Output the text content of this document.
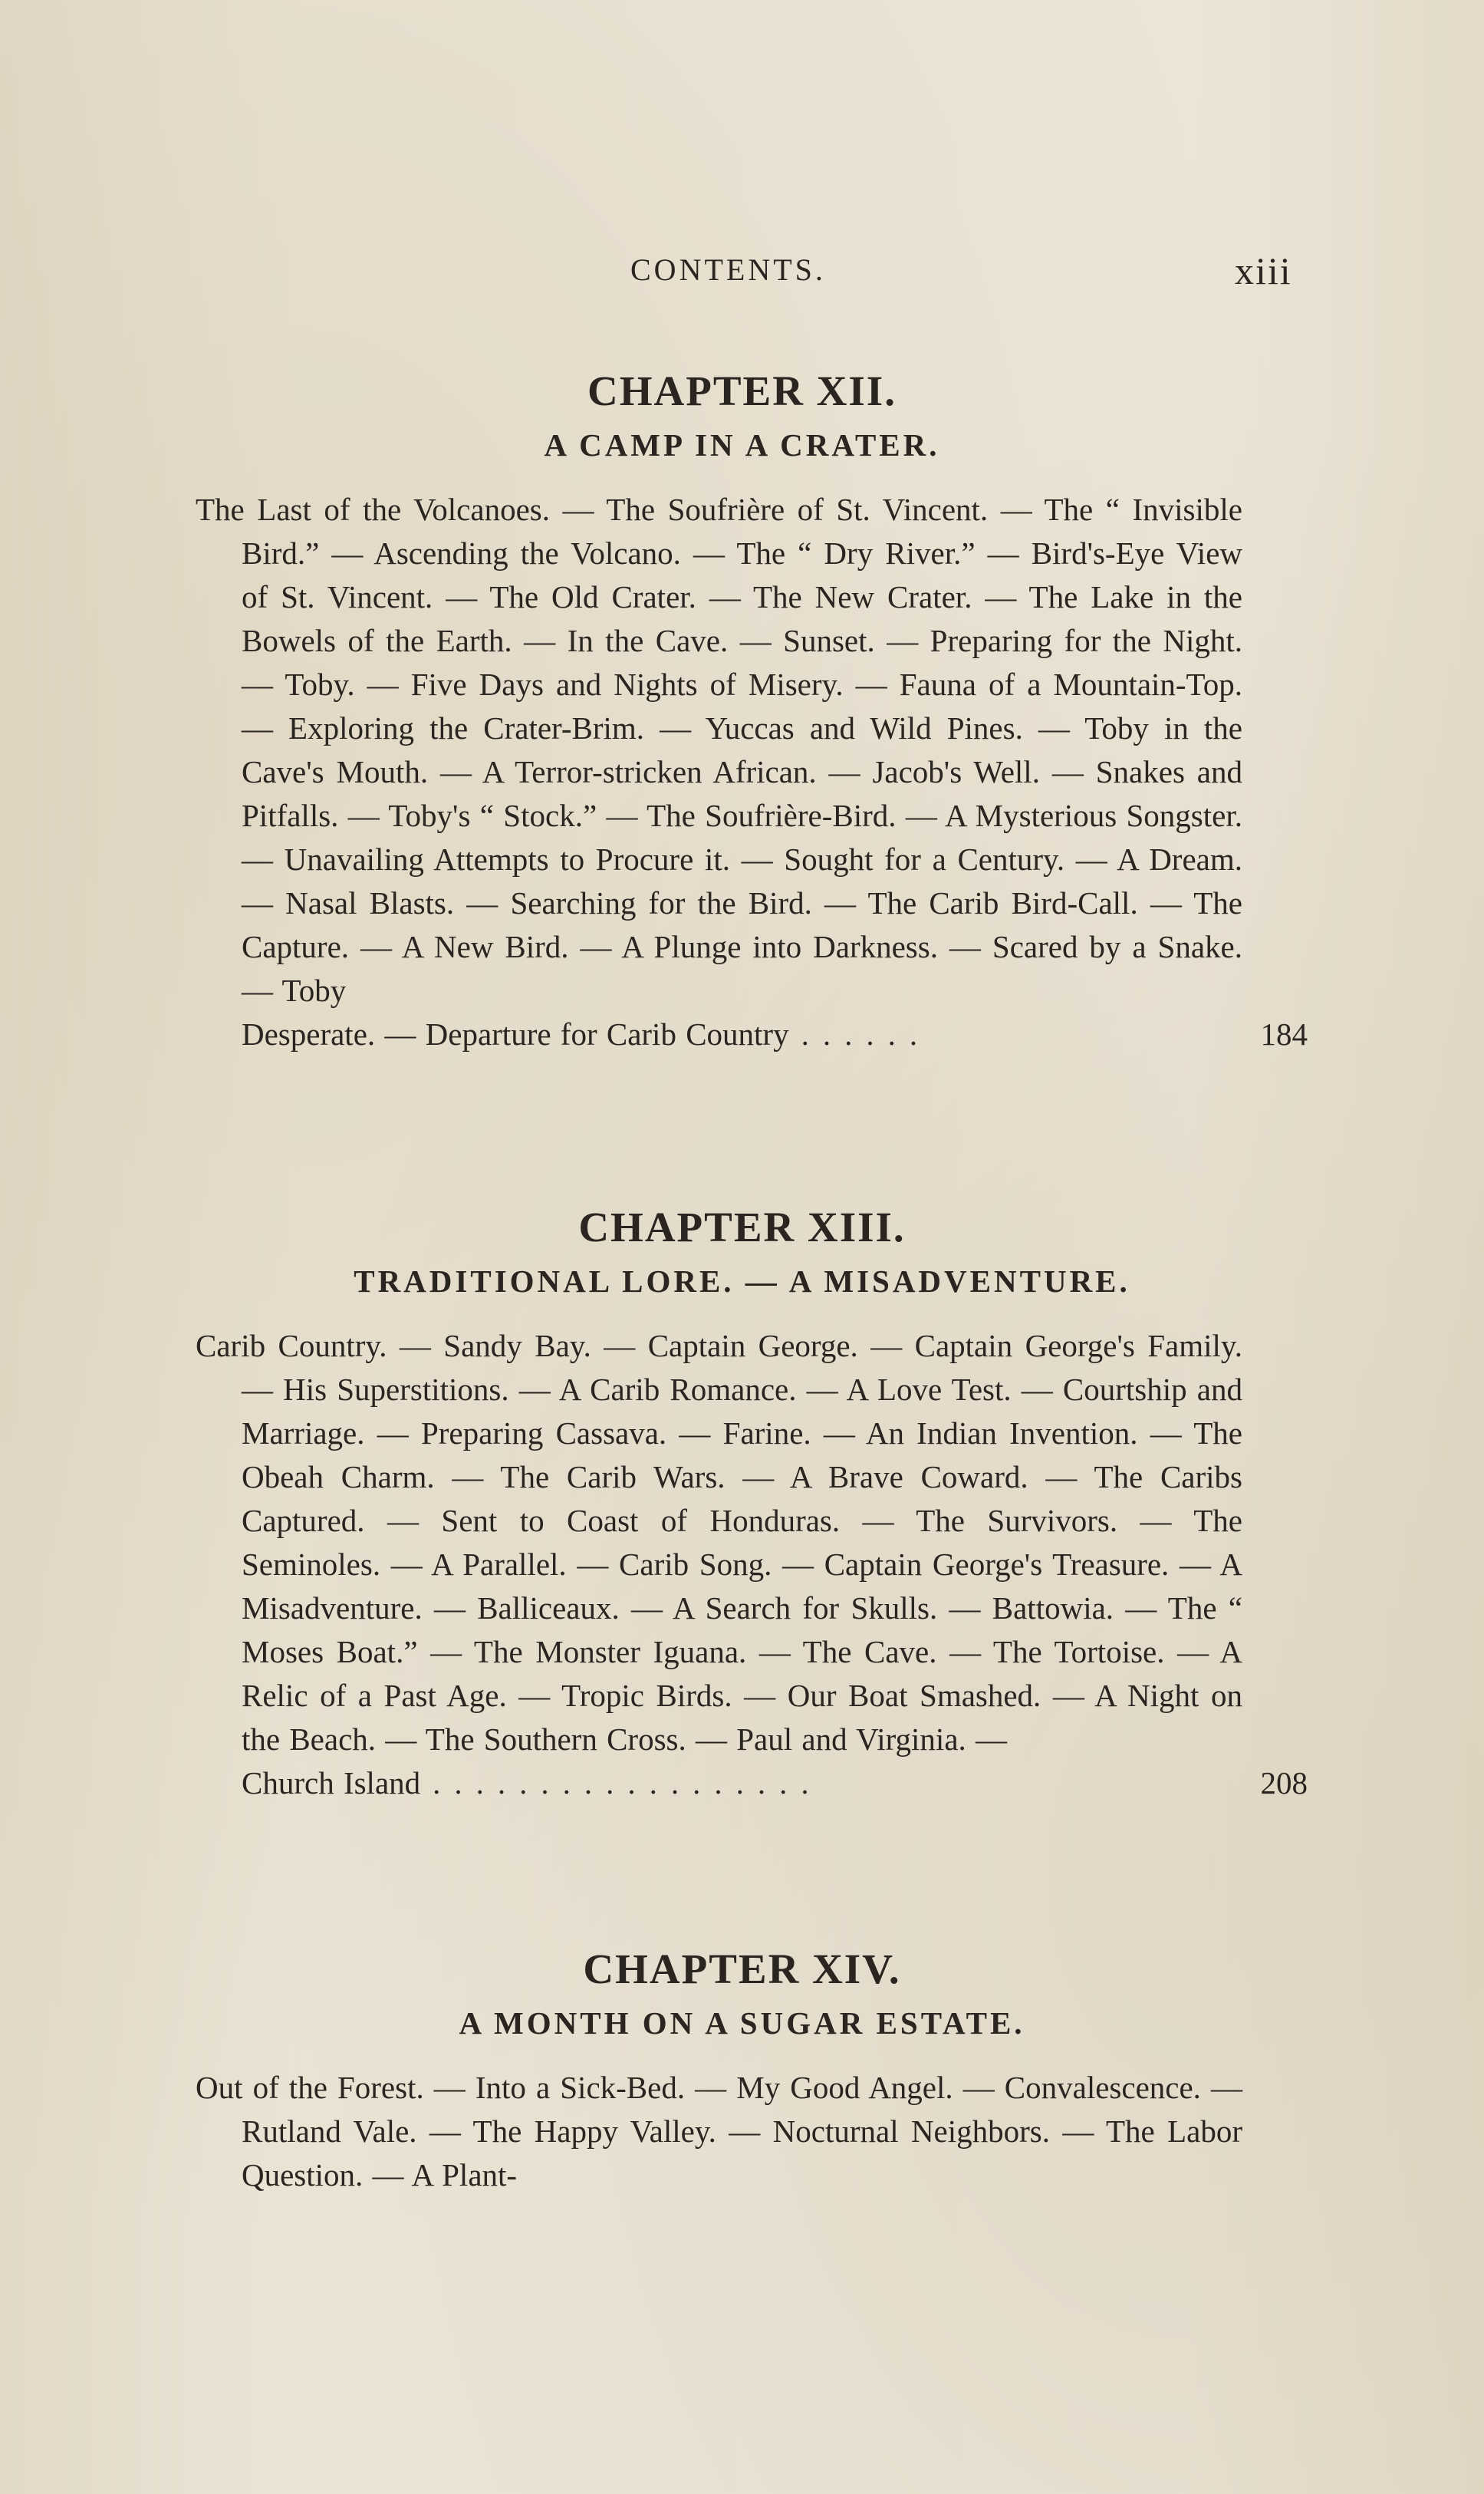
CONTENTS.	xiii
CHAPTER XII.
A CAMP IN A CRATER.

The Last of the Volcanoes. — The Soufrière of St. Vincent. — The “ Invisible Bird.” — Ascending the Volcano. — The “ Dry River.” — Bird's-Eye View of St. Vincent. — The Old Crater. — The New Crater. — The Lake in the Bowels of the Earth. — In the Cave. — Sunset. — Preparing for the Night. — Toby. — Five Days and Nights of Misery. — Fauna of a Mountain-Top. — Exploring the Crater-Brim. — Yuccas and Wild Pines. — Toby in the Cave's Mouth. — A Terror-stricken African. — Jacob's Well. — Snakes and Pitfalls. — Toby's “ Stock.” — The Soufrière-Bird. — A Mysterious Songster. — Unavailing Attempts to Procure it. — Sought for a Century. — A Dream. — Nasal Blasts. — Searching for the Bird. — The Carib Bird-Call. — The Capture. — A New Bird. — A Plunge into Darkness. — Scared by a Snake. — Toby

Desperate. — Departure for Carib Country ......	184
CHAPTER XIII.
TRADITIONAL LORE. — A MISADVENTURE.

Carib Country. — Sandy Bay. — Captain George. — Captain George's Family. — His Superstitions. — A Carib Romance. — A Love Test. — Courtship and Marriage. — Preparing Cassava. — Farine. — An Indian Invention. — The Obeah Charm. — The Carib Wars. — A Brave Coward. — The Caribs Captured. — Sent to Coast of Honduras. — The Survivors. — The Seminoles. — A Parallel. — Carib Song. — Captain George's Treasure. — A Misadventure. — Balliceaux. — A Search for Skulls. — Battowia. — The “ Moses Boat.” — The Monster Iguana. — The Cave. — The Tortoise. — A Relic of a Past Age. — Tropic Birds. — Our Boat Smashed. — A Night on the Beach. — The Southern Cross. — Paul and Virginia. —

Church Island ..................	208
CHAPTER XIV.
A MONTH ON A SUGAR ESTATE.

Out of the Forest. — Into a Sick-Bed. — My Good Angel. — Convalescence. — Rutland Vale. — The Happy Valley. — Nocturnal Neighbors. — The Labor Question. — A Plant-
